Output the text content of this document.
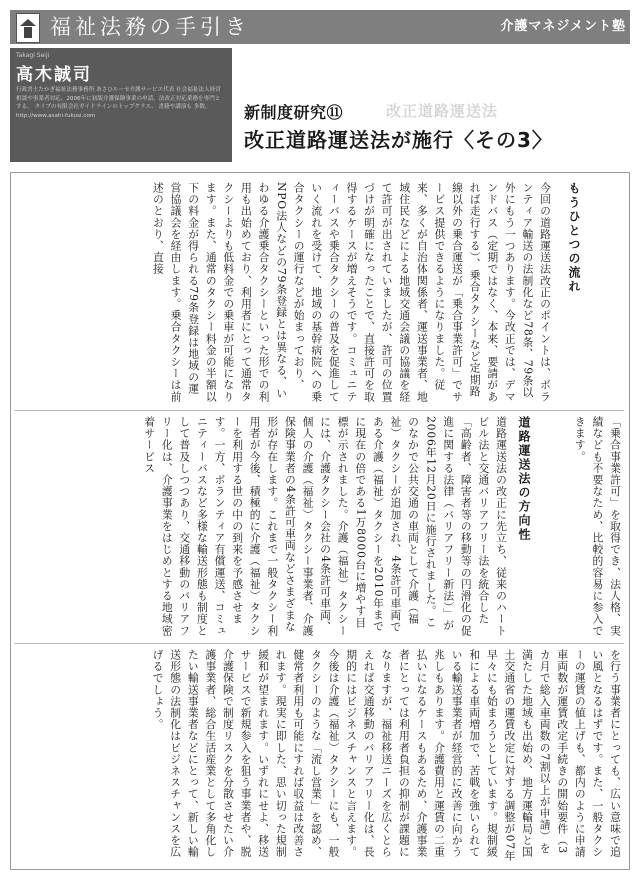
福祉法務の手引き	介護マネジメント塾
Takagi Seiji
高木誠司
行政書士たかぎ福祉法務事務所 あさひルーセ介護サービス代表 社会福祉法人経営相談や事業者対応、2006年に初版介護保険事業の申請、法改正対応業務を専門とする。 タイプの有限会社ガイドラインのトップクラス、 書籍や講演も 多数。 http://www.asahi-fukusi.com	新制度研究⑪	改正道路運送法
改正道路運送法が施行〈その3〉
もうひとつの流れ
今回の道路運送法改正のポイントは、ボランティア輸送の法制化など78条、79条以外にもう一つあります。今改正では、デマンドバス（定期ではなく、本来、要請があれば走行する）、乗合タクシーなど定期路線以外の乗合運送が「乗合事業許可」でサービス提供できるようになりました。従来、多くが自治体関係者、運送事業者、地域住民などによる地域交通会議の協議を経て許可が出されていましたが、許可の位置づけが明確になったことで、直接許可を取得するケースが増えそうです。コミュニティーバスや乗合タクシーの普及を促進していく流れを受けて、地域の基幹病院への乗合タクシーの運行などが始まっており、NPO法人などの79条登録とは異なる、いわゆる介護乗合タクシーといった形での利用も出始めており、利用者にとって通常タクシーよりも低料金での乗車が可能になります。また、通常のタクシー料金の半額以下の料金が得られる79条登録は地域の運営協議会を経由します。乗合タクシーは前述のとおり、直接
「乗合事業許可」を取得でき、法人格、実績なども不要なため、比較的容易に参入できます。
道路運送法の方向性
道路運送法の改正に先立ち、従来のハートビル法と交通バリアフリー法を統合した「高齢者、障害者等の移動等の円滑化の促進に関する法律（バリアフリー新法）」が2006年12月20日に施行されました。このなかで公共交通の車両として介護（福祉）タクシーが追加され、4条許可車両である介護（福祉）タクシーを2010年までに現在の倍である1万8000台に増やす目標が示されました。介護（福祉）タクシーには、介護タクシー会社の4条許可車両、個人の介護（福祉）タクシー事業者、介護保険事業者の4条許可車両などさまざまな形が存在します。これまで一般タクシー利用者が今後、積極的に介護（福祉）タクシーを利用する世の中の到来を予感させます。一方、ボランティア有償運送、コミュニティーバスなど多様な輸送形態も制度として普及しつつあり、交通移動のバリアフリー化は、介護事業をはじめとする地域密着サービス
を行う事業者にとっても、広い意味で追い風となるはずです。また、一般タクシーの運賃の値上げも、都内のように申請車両数が運賃改定手続きの開始要件（3カ月で総入車両数の7割以上が申請）を満たした地域も出始め、地方運輸局と国土交通省の運賃改定に対する調整が07年早々にも始まろうとしています。規制緩和による車両増加で、苦戦を強いられている輸送事業者が経営的に改善に向かう兆しもあります。介護費用と運賃の二重払いになるケースもあるため、介護事業者にとっては利用者負担の抑制が課題になりますが、福祉移送ニーズを広くとらえれば交通移動のバリアフリー化は、長期的にはビジネスチャンスと言えます。今後は介護（福祉）タクシーにも、一般タクシーのような「流し営業」を認め、健常者利用も可能にすれば収益は改善されます。現実に即した、思い切った規制緩和が望まれます。いずれにせよ、移送サービスで新規参入を狙う事業者や、脱介護保険で制度リスクを分散させたい介護事業者、総合生活産業として多角化したい輸送事業者などにとって、新しい輸送形態の法制化はビジネスチャンスを広げるでしょう。
